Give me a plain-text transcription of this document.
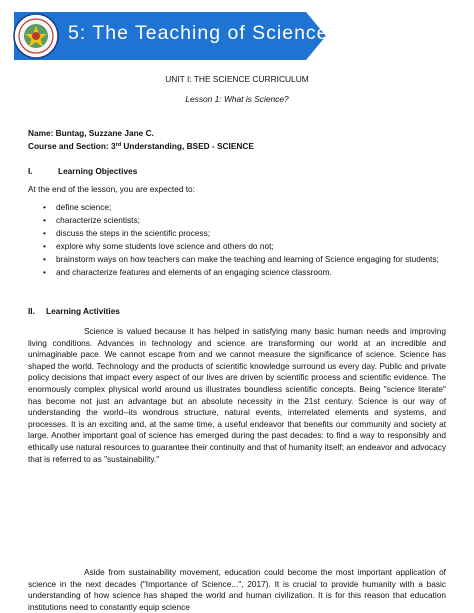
5: The Teaching of Science
UNIT I: THE SCIENCE CURRICULUM
Lesson 1: What is Science?
Name: Buntag, Suzzane Jane C.
Course and Section: 3rd Understanding, BSED - SCIENCE
I.	Learning Objectives
At the end of the lesson, you are expected to:
• define science;
• characterize scientists;
• discuss the steps in the scientific process;
• explore why some students love science and others do not;
• brainstorm ways on how teachers can make the teaching and learning of Science engaging for students;
• and characterize features and elements of an engaging science classroom.
II. Learning Activities
Science is valued because it has helped in satisfying many basic human needs and improving living conditions. Advances in technology and science are transforming our world at an incredible and unimaginable pace. We cannot escape from and we cannot measure the significance of science. Science has shaped the world. Technology and the products of scientific knowledge surround us every day. Public and private policy decisions that impact every aspect of our lives are driven by scientific process and scientific evidence. The enormously complex physical world around us illustrates boundless scientific concepts. Being "science literate" has become not just an advantage but an absolute necessity in the 21st century. Science is our way of understanding the world--its wondrous structure, natural events, interrelated elements and systems, and processes. It is an exciting and, at the same time, a useful endeavor that benefits our community and society at large. Another important goal of science has emerged during the past decades: to find a way to responsibly and ethically use natural resources to guarantee their continuity and that of humanity itself; an endeavor and advocacy that is referred to as "sustainability."
Aside from sustainability movement, education could become the most important application of science in the next decades ("Importance of Science...", 2017). It is crucial to provide humanity with a basic understanding of how science has shaped the world and human civilization. It is for this reason that education institutions need to constantly equip science
